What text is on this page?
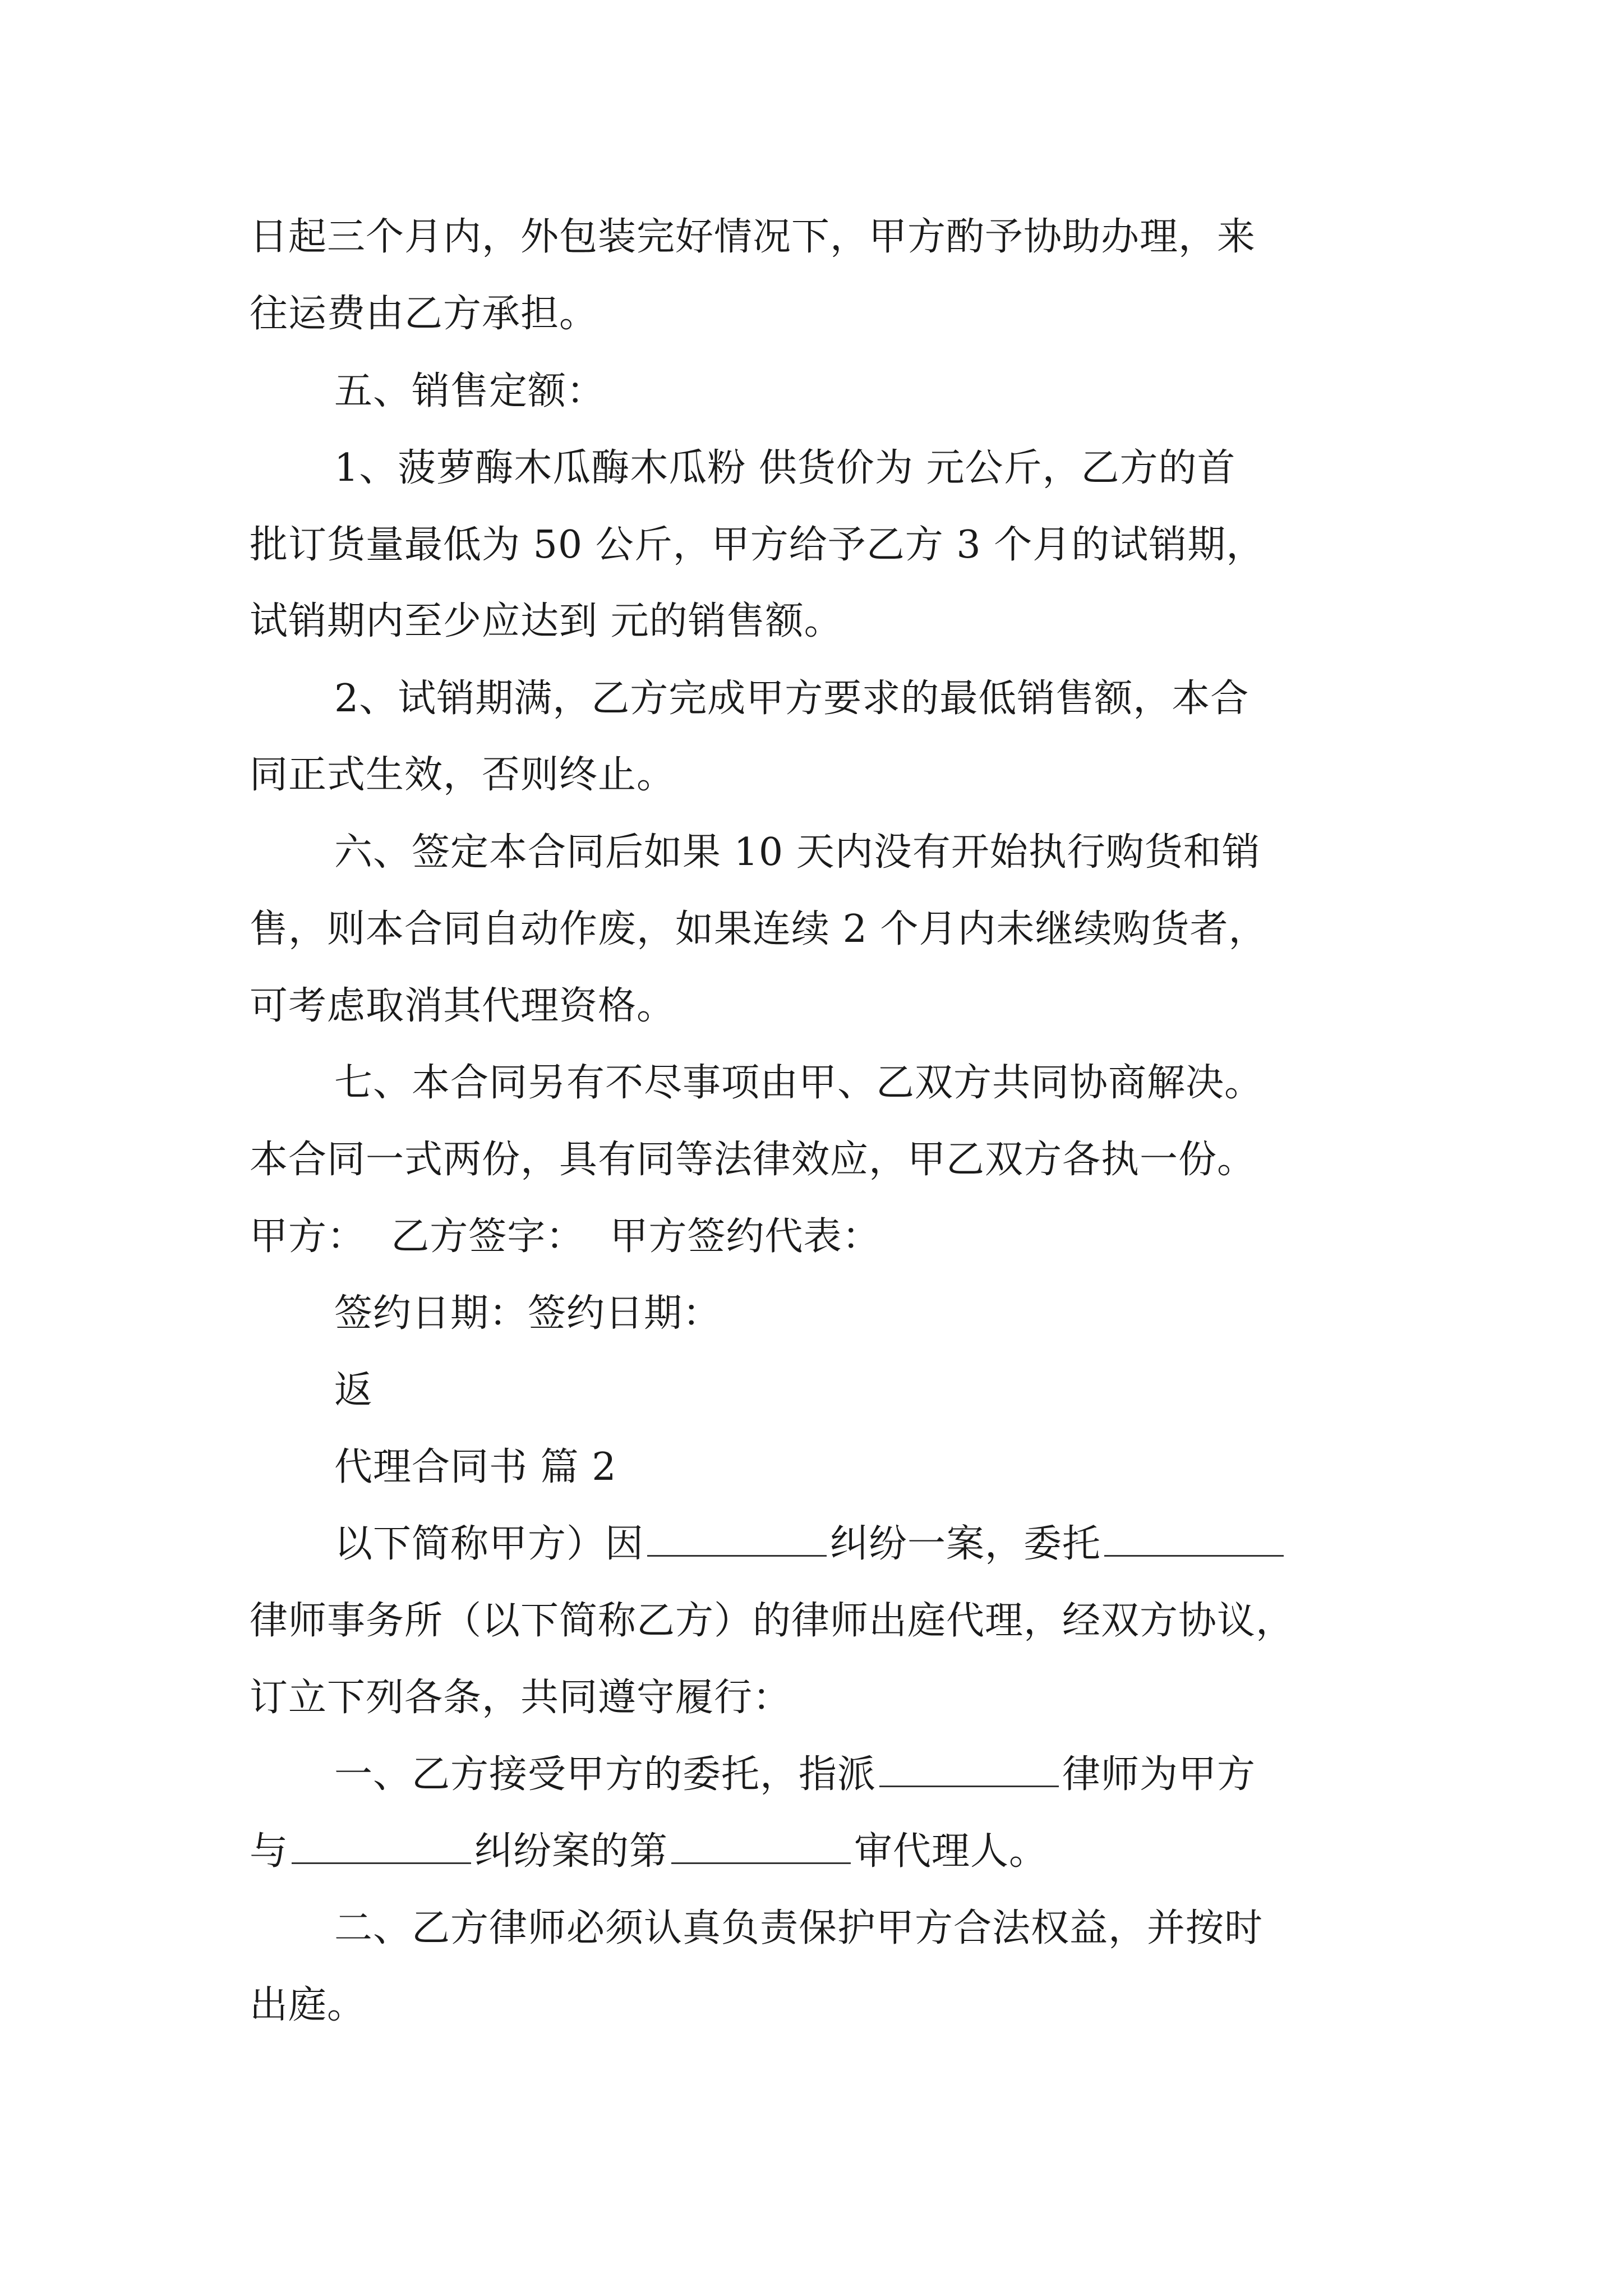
日起三个月内，外包装完好情况下，甲方酌予协助办理，来

往运费由乙方承担。

五、销售定额：

1、菠萝酶木瓜酶木瓜粉 供货价为 元公斤，乙方的首

批订货量最低为 50 公斤，甲方给予乙方 3 个月的试销期，

试销期内至少应达到 元的销售额。

2、试销期满，乙方完成甲方要求的最低销售额，本合

同正式生效，否则终止。

六、签定本合同后如果 10 天内没有开始执行购货和销

售，则本合同自动作废，如果连续 2 个月内未继续购货者，

可考虑取消其代理资格。

七、本合同另有不尽事项由甲、乙双方共同协商解决。

本合同一式两份，具有同等法律效应，甲乙双方各执一份。

甲方：  乙方签字：  甲方签约代表：

签约日期：签约日期：

返

代理合同书 篇 2

以下简称甲方）因	纠纷一案，委托

律师事务所（以下简称乙方）的律师出庭代理，经双方协议，

订立下列各条，共同遵守履行：

一、乙方接受甲方的委托，指派	律师为甲方

与	纠纷案的第	审代理人。

二、乙方律师必须认真负责保护甲方合法权益，并按时

出庭。
